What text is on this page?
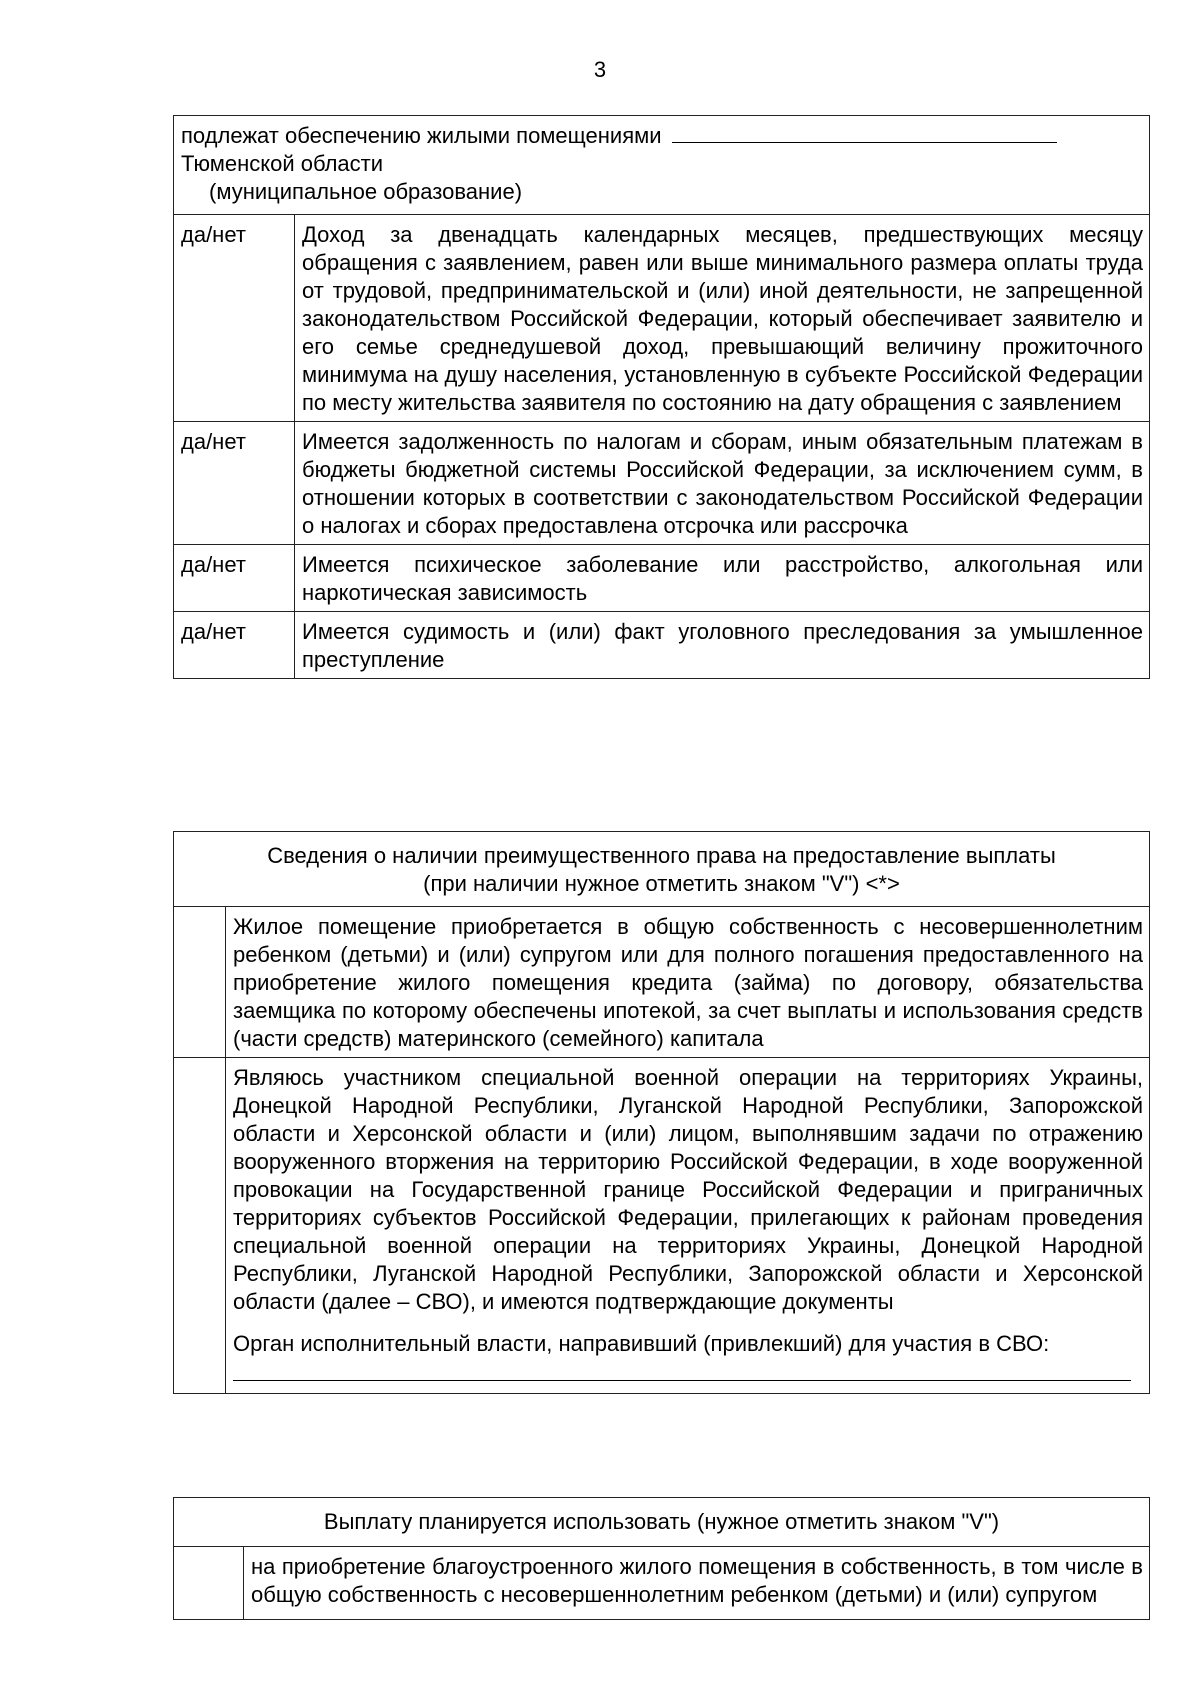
3
подлежат обеспечению жилыми помещениями
Тюменской области
(муниципальное образование)	

да/нет	Доход за двенадцать календарных месяцев, предшествующих месяцу обращения с заявлением, равен или выше минимального размера оплаты труда от трудовой, предпринимательской и (или) иной деятельности, не запрещенной законодательством Российской Федерации, который обеспечивает заявителю и его семье среднедушевой доход, превышающий величину прожиточного минимума на душу населения, установленную в субъекте Российской Федерации по месту жительства заявителя по состоянию на дату обращения с заявлением
да/нет	Имеется задолженность по налогам и сборам, иным обязательным платежам в бюджеты бюджетной системы Российской Федерации, за исключением сумм, в отношении которых в соответствии с законодательством Российской Федерации о налогах и сборах предоставлена отсрочка или рассрочка
да/нет	Имеется психическое заболевание или расстройство, алкогольная или наркотическая зависимость
да/нет	Имеется судимость и (или) факт уголовного преследования за умышленное преступление
Сведения о наличии преимущественного права на предоставление выплаты
(при наличии нужное отметить знаком "V") <*>	

	Жилое помещение приобретается в общую собственность с несовершеннолетним ребенком (детьми) и (или) супругом или для полного погашения предоставленного на приобретение жилого помещения кредита (займа) по договору, обязательства заемщика по которому обеспечены ипотекой, за счет выплаты и использования средств (части средств) материнского (семейного) капитала

	Являюсь участником специальной военной операции на территориях Украины, Донецкой Народной Республики, Луганской Народной Республики, Запорожской области и Херсонской области и (или) лицом, выполнявшим задачи по отражению вооруженного вторжения на территорию Российской Федерации, в ходе вооруженной провокации на Государственной границе Российской Федерации и приграничных территориях субъектов Российской Федерации, прилегающих к районам проведения специальной военной операции на территориях Украины, Донецкой Народной Республики, Луганской Народной Республики, Запорожской области и Херсонской области (далее – СВО), и имеются подтверждающие документы
Орган исполнительный власти, направивший (привлекший) для участия в СВО:
Выплату планируется использовать (нужное отметить знаком "V")
	на приобретение благоустроенного жилого помещения в собственность, в том числе в общую собственность с несовершеннолетним ребенком (детьми) и (или) супругом
